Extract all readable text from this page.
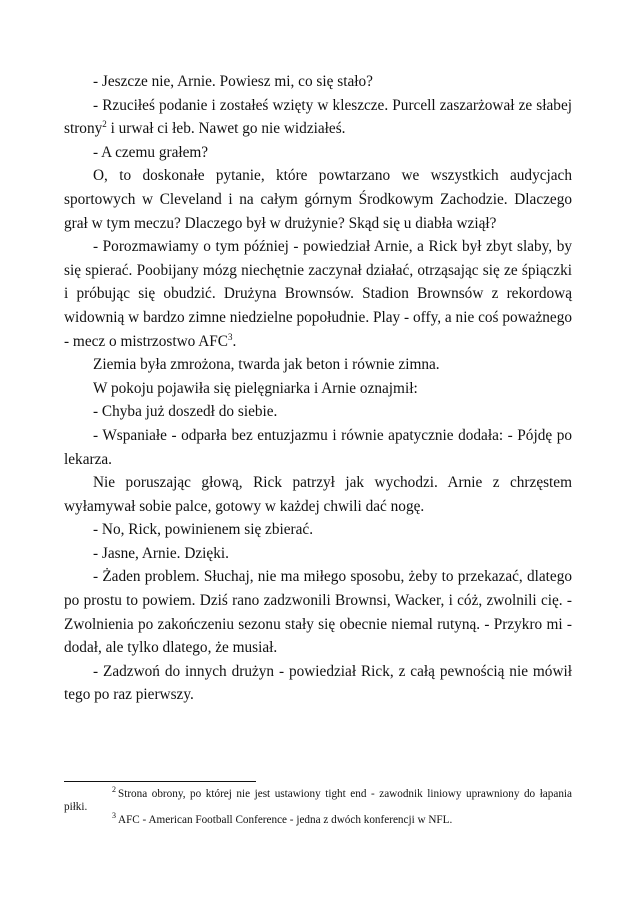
- Jeszcze nie, Arnie. Powiesz mi, co się stało?

- Rzuciłeś podanie i zostałeś wzięty w kleszcze. Purcell zaszarżował ze słabej strony$^2$ i urwał ci łeb. Nawet go nie widziałeś.

- A czemu grałem?

O, to doskonałe pytanie, które powtarzano we wszystkich audycjach sportowych w Cleveland i na całym górnym Środkowym Zachodzie. Dlaczego grał w tym meczu? Dlaczego był w drużynie? Skąd się u diabła wziął?

- Porozmawiamy o tym później - powiedział Arnie, a Rick był zbyt slaby, by się spierać. Poobijany mózg niechętnie zaczynał działać, otrząsając się ze śpiączki i próbując się obudzić. Drużyna Brownsów. Stadion Brownsów z rekordową widownią w bardzo zimne niedzielne popołudnie. Play - offy, a nie coś poważnego - mecz o mistrzostwo AFC$^3$.

Ziemia była zmrożona, twarda jak beton i równie zimna.

W pokoju pojawiła się pielęgniarka i Arnie oznajmił:

- Chyba już doszedł do siebie.

- Wspaniałe - odparła bez entuzjazmu i równie apatycznie dodała: - Pójdę po lekarza.

Nie poruszając głową, Rick patrzył jak wychodzi. Arnie z chrzęstem wyłamywał sobie palce, gotowy w każdej chwili dać nogę.

- No, Rick, powinienem się zbierać.

- Jasne, Arnie. Dzięki.

- Żaden problem. Słuchaj, nie ma miłego sposobu, żeby to przekazać, dlatego po prostu to powiem. Dziś rano zadzwonili Brownsi, Wacker, i cóż, zwolnili cię. - Zwolnienia po zakończeniu sezonu stały się obecnie niemal rutyną. - Przykro mi - dodał, ale tylko dlatego, że musiał.

- Zadzwoń do innych drużyn - powiedział Rick, z całą pewnością nie mówił tego po raz pierwszy.

$^2$ Strona obrony, po której nie jest ustawiony tight end - zawodnik liniowy uprawniony do łapania piłki.

$^3$ AFC - American Football Conference - jedna z dwóch konferencji w NFL.
